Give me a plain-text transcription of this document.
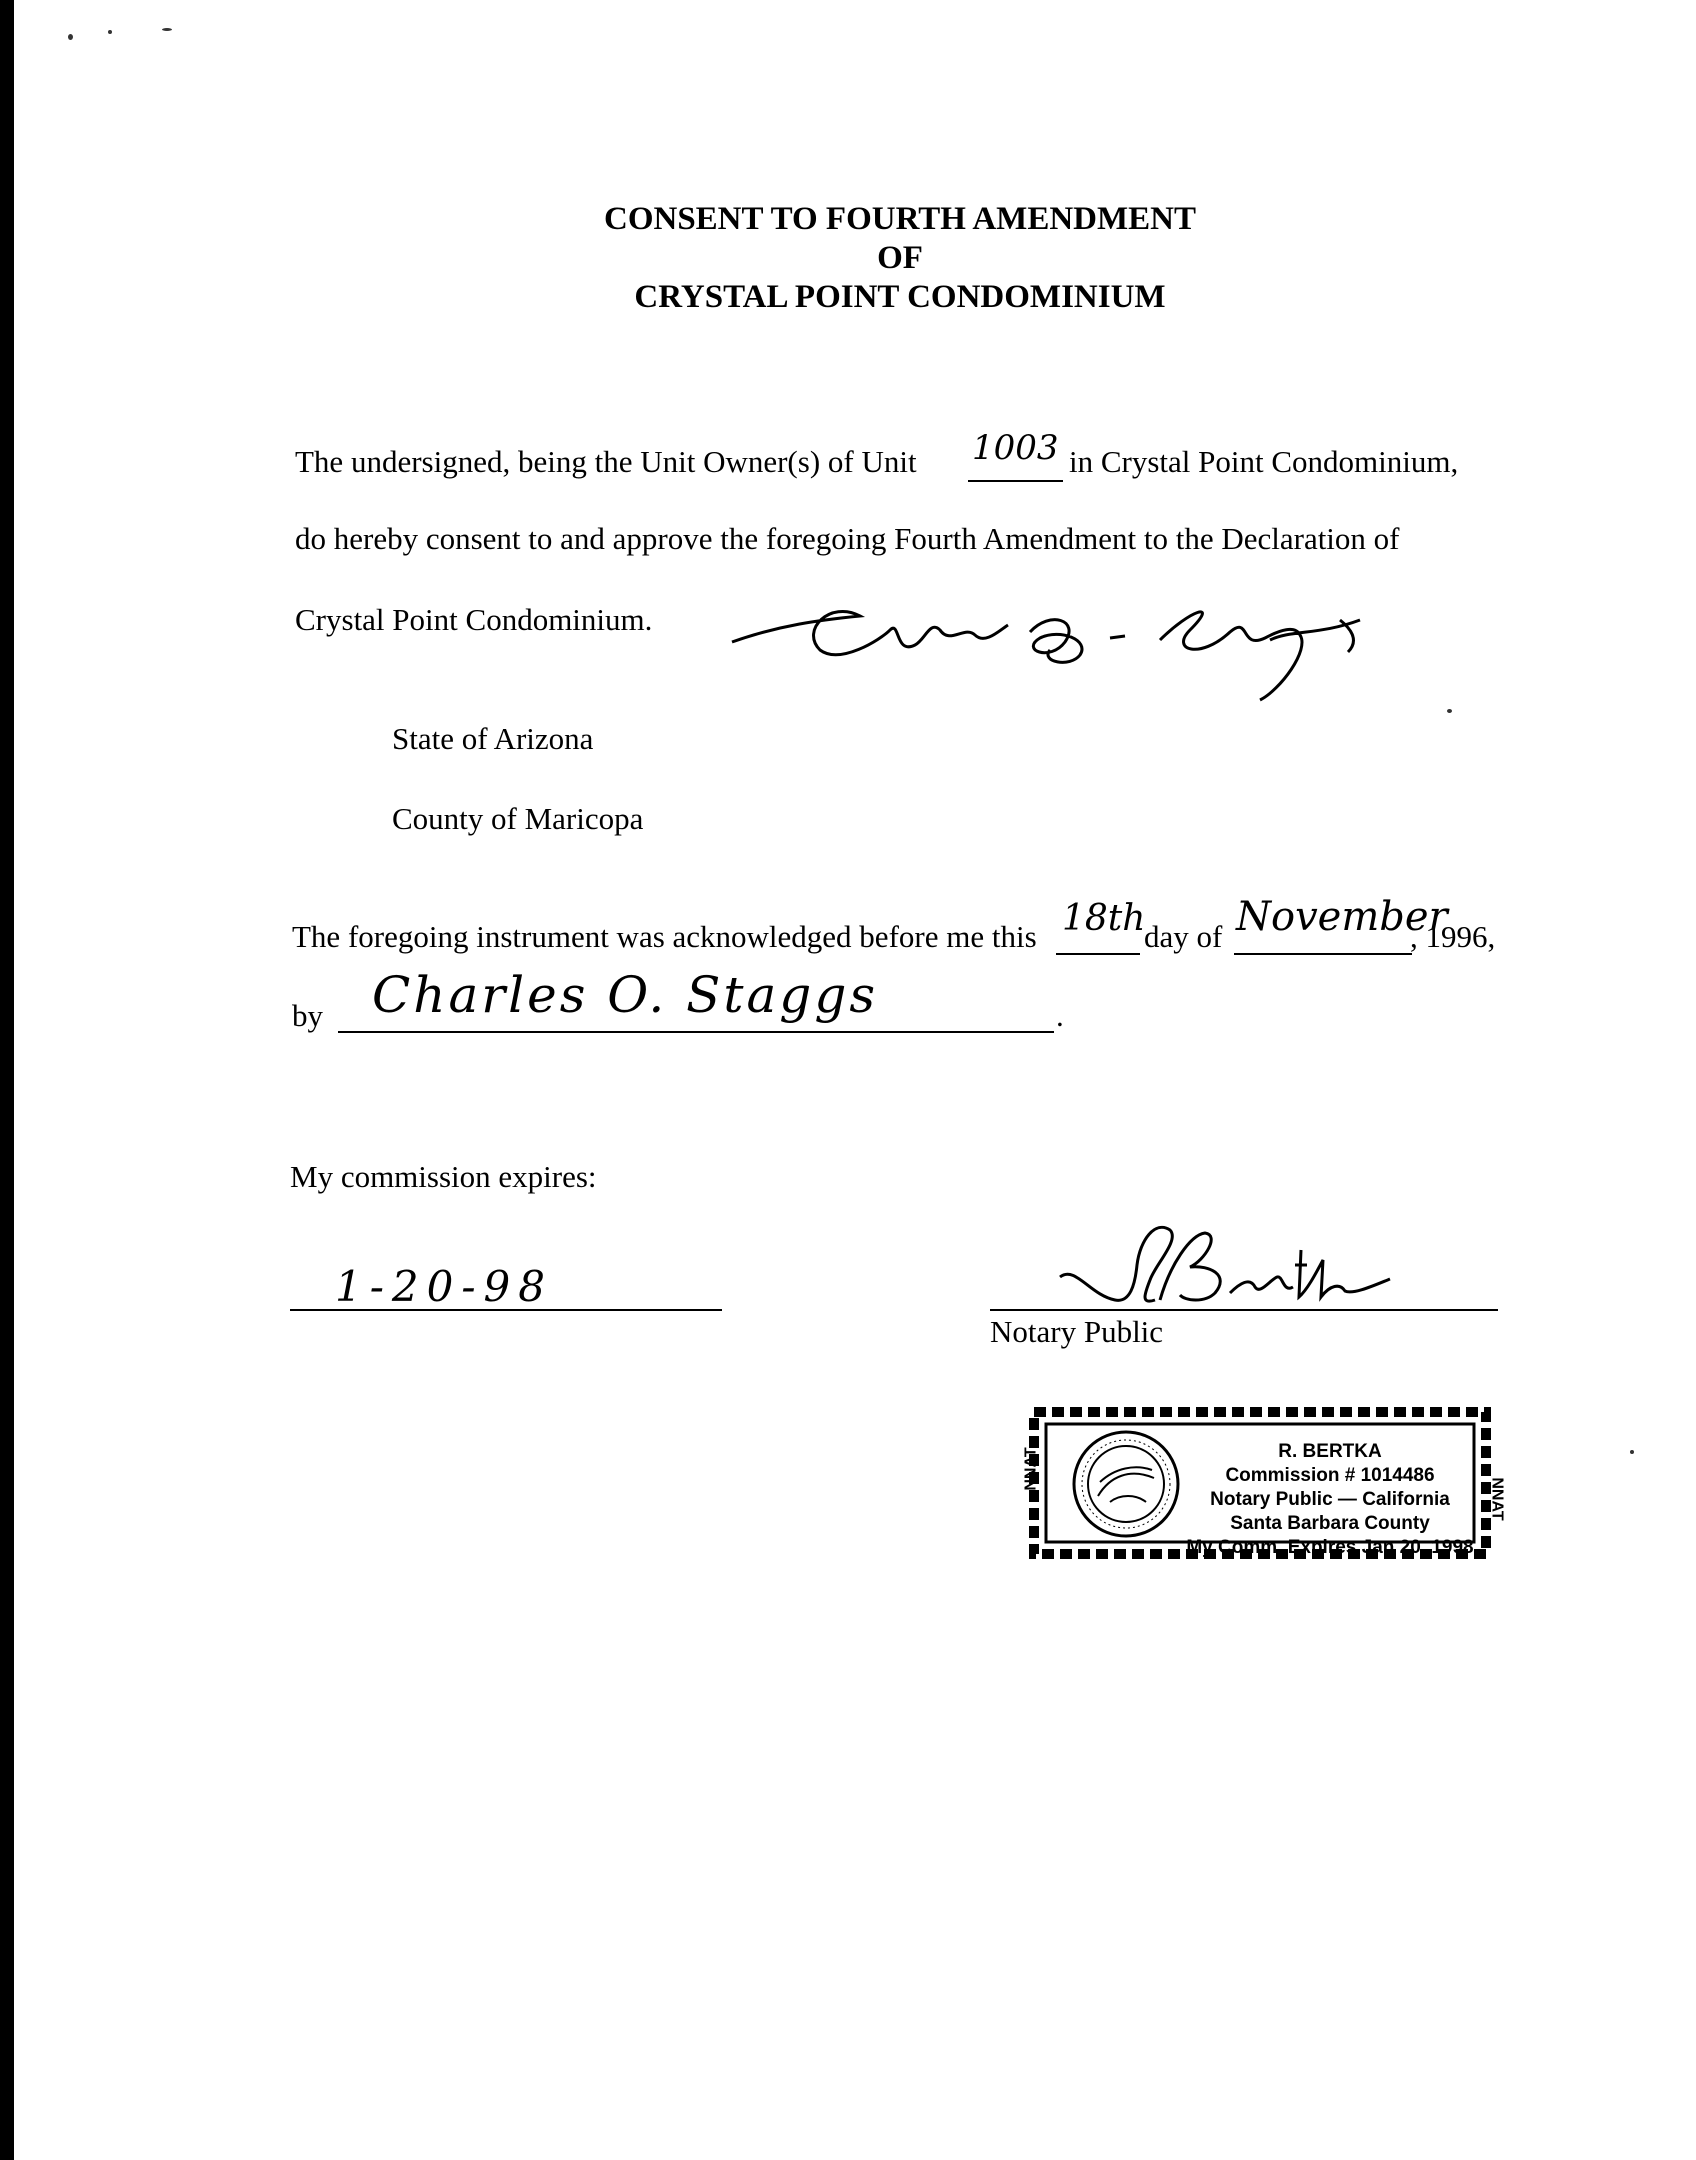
CONSENT TO FOURTH AMENDMENT
OF
CRYSTAL POINT CONDOMINIUM
The undersigned, being the Unit Owner(s) of Unit 1003 in Crystal Point Condominium,
do hereby consent to and approve the foregoing Fourth Amendment to the Declaration of
Crystal Point Condominium.
State of Arizona
County of Maricopa
The foregoing instrument was acknowledged before me this 18th
day of November
, 1996,
by Charles O. Staggs	.
My commission expires:
1-20-98
Notary Public
R. BERTKA
Commission # 1014486
Notary Public — California
Santa Barbara County
My Comm. Expires Jan 20, 1998
NNAT
NNAT
